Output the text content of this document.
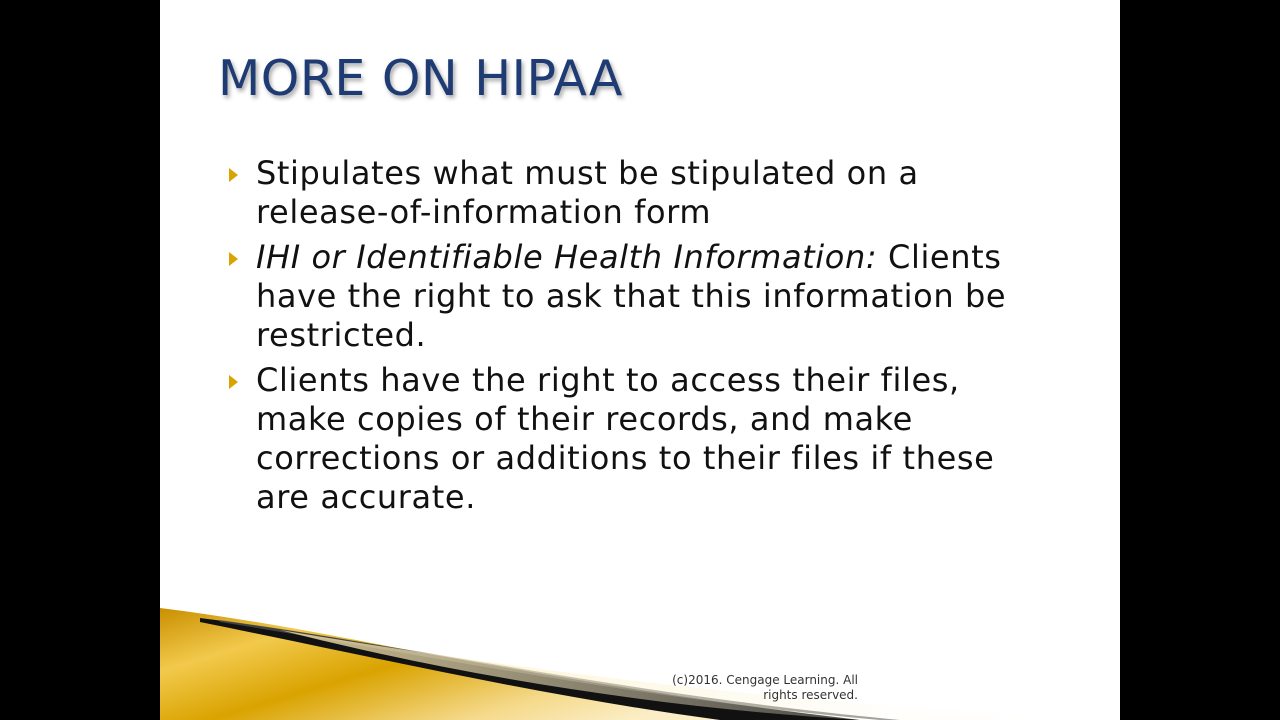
MORE ON HIPAA
Stipulates what must be stipulated on a release-of-information form
IHI or Identifiable Health Information: Clients have the right to ask that this information be restricted.
Clients have the right to access their files, make copies of their records, and make corrections or additions to their files if these are accurate.

(c)2016. Cengage Learning. All rights reserved.
